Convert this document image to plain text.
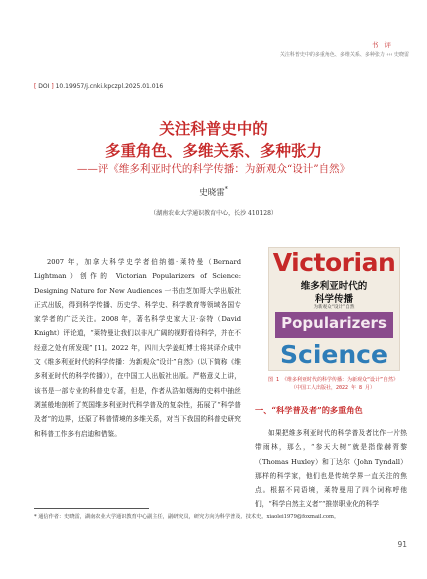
书 评
关注科普史中的多重角色、多维关系、多种张力 ‹‹‹ 史晓雷
[ DOI ] 10.19957/j.cnki.kpczpl.2025.01.016
关注科普史中的
多重角色、多维关系、多种张力
——评《维多利亚时代的科学传播：为新观众“设计”自然》
史晓雷*
（湖南农业大学通识教育中心，长沙 410128）

2007 年，加拿大科学史学者伯纳德·莱特曼（Bernard Lightman）创作的 Victorian Popularizers of Science: Designing Nature for New Audiences 一书由芝加哥大学出版社正式出版，得到科学传播、历史学、科学史、科学教育等领域各国专家学者的广泛关注。2008 年，著名科学史家大卫·奈特（David Knight）评论道，“莱特曼让我们以非凡广阔的视野看待科学，并在不经意之处有所发现” [1]。2022 年，四川大学姜虹博士将其译介成中文《维多利亚时代的科学传播：为新观众“设计”自然》（以下简称《维多利亚时代的科学传播》），在中国工人出版社出版。严格意义上讲，该书是一部专业的科普史专著，但是，作者从浩如烟海的史料中抽丝剥茧般地剖析了英国维多利亚时代科学普及的复杂性，拓展了“科学普及者”的边界，还原了科普情境的多维关系，对当下我国的科普史研究和科普工作多有启迪和借鉴。

Victorian
维多利亚时代的
科学传播
为新观众“设计”自然
Popularizers
Science
图 1 《维多利亚时代的科学传播：为新观众“设计”自然》
（中国工人出版社，2022 年 8 月）
一、“科学普及者”的多重角色

如果把维多利亚时代的科学普及者比作一片热带雨林，那么，“参天大树”就是指像赫胥黎（Thomas Huxley）和丁达尔（John Tyndall）那样的科学家，他们也是传统学界一直关注的焦点。根据不同语境，莱特曼用了四个词称呼他们，“科学自然主义者”“推崇职业化的科学

* 通信作者：史晓雷，湖南农业大学通识教育中心副主任，副研究员，研究方向为科学普及、技术史。xiaolei1979@foxmail.com。
91
